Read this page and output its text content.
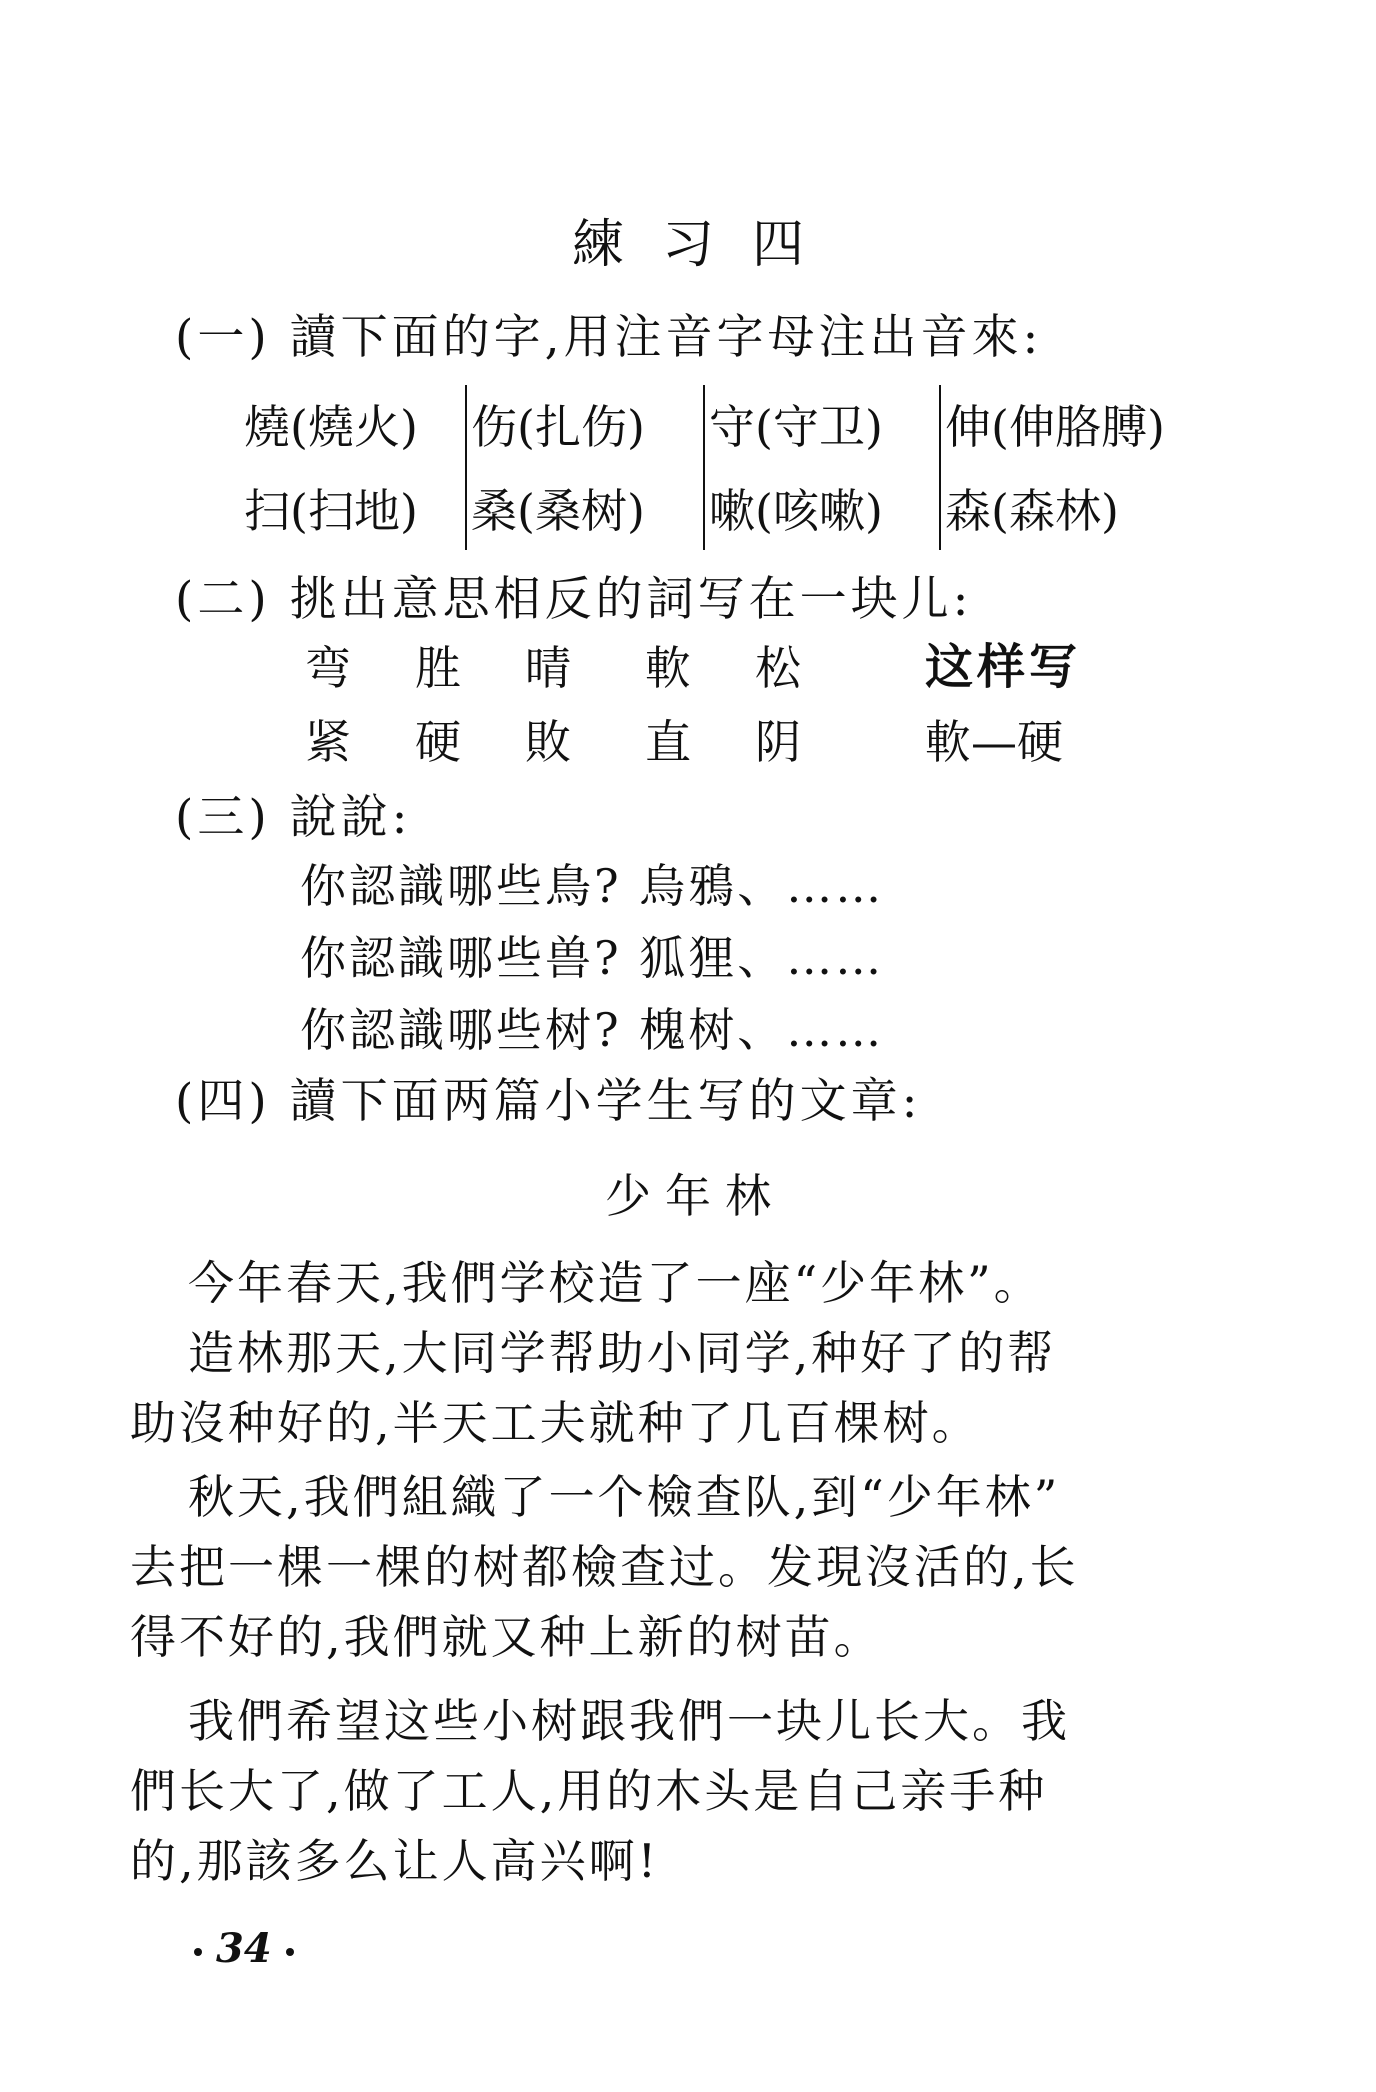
練习四
(一) 讀下面的字,用注音字母注出音來:
燒(燒火)	伤(扎伤)	守(守卫)	伸(伸胳膊)
扫(扫地)	桑(桑树)	嗽(咳嗽)	森(森林)
(二) 挑出意思相反的詞写在一块儿:
弯 胜 晴 軟 松	这样写
紧 硬 敗 直 阴	軟—硬
(三) 說說:
你認識哪些鳥? 烏鴉、……
你認識哪些兽? 狐狸、……
你認識哪些树? 槐树、……
(四) 讀下面两篇小学生写的文章:
少年林
今年春天,我們学校造了一座“少年林”。
造林那天,大同学帮助小同学,种好了的帮
助沒种好的,半天工夫就种了几百棵树。
秋天,我們組織了一个檢查队,到“少年林”
去把一棵一棵的树都檢查过。发現沒活的,长
得不好的,我們就又种上新的树苗。
我們希望这些小树跟我們一块儿长大。我
們长大了,做了工人,用的木头是自己亲手种
的,那該多么让人高兴啊!
34
